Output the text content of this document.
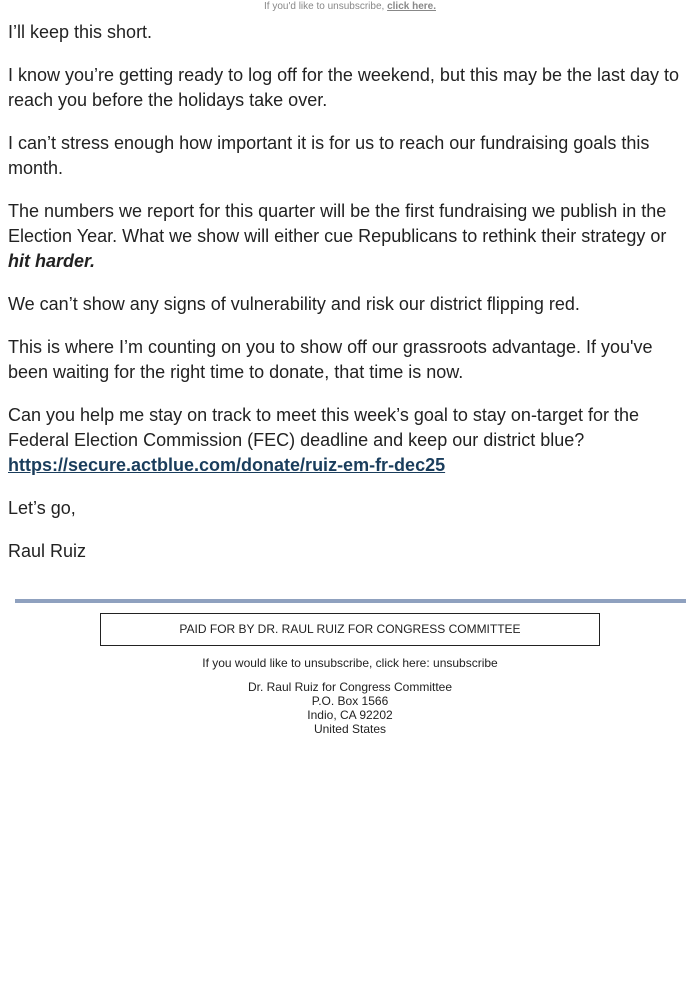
If you'd like to unsubscribe, click here.

I’ll keep this short.

I know you’re getting ready to log off for the weekend, but this may be the last day to reach you before the holidays take over.

I can’t stress enough how important it is for us to reach our fundraising goals this month.

The numbers we report for this quarter will be the first fundraising we publish in the Election Year. What we show will either cue Republicans to rethink their strategy or hit harder.

We can’t show any signs of vulnerability and risk our district flipping red.

This is where I’m counting on you to show off our grassroots advantage. If you've been waiting for the right time to donate, that time is now.

Can you help me stay on track to meet this week’s goal to stay on-target for the Federal Election Commission (FEC) deadline and keep our district blue?
https://secure.actblue.com/donate/ruiz-em-fr-dec25

Let’s go,

Raul Ruiz

PAID FOR BY DR. RAUL RUIZ FOR CONGRESS COMMITTEE
If you would like to unsubscribe, click here: unsubscribe
Dr. Raul Ruiz for Congress Committee
P.O. Box 1566
Indio, CA 92202
United States
